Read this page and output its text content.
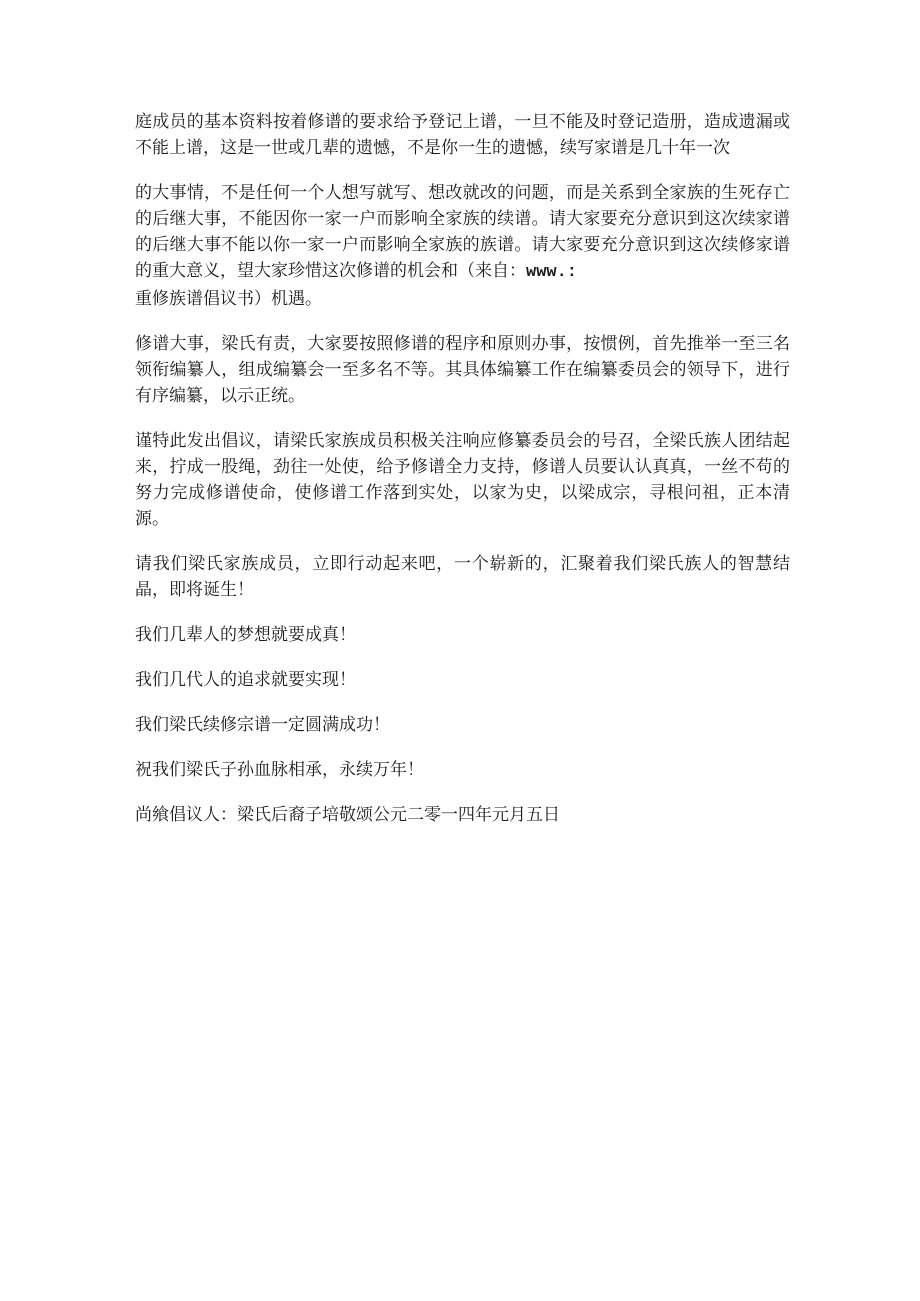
庭成员的基本资料按着修谱的要求给予登记上谱，一旦不能及时登记造册，造成遗漏或不能上谱，这是一世或几辈的遗憾，不是你一生的遗憾，续写家谱是几十年一次

的大事情，不是任何一个人想写就写、想改就改的问题，而是关系到全家族的生死存亡的后继大事，不能因你一家一户而影响全家族的续谱。请大家要充分意识到这次续家谱的后继大事不能以你一家一户而影响全家族的族谱。请大家要充分意识到这次续修家谱的重大意义，望大家珍惜这次修谱的机会和（来自：www.:
重修族谱倡议书）机遇。

修谱大事，梁氏有责，大家要按照修谱的程序和原则办事，按惯例，首先推举一至三名领衔编纂人，组成编纂会一至多名不等。其具体编纂工作在编纂委员会的领导下，进行有序编纂，以示正统。

谨特此发出倡议，请梁氏家族成员积极关注响应修纂委员会的号召，全梁氏族人团结起来，拧成一股绳，劲往一处使，给予修谱全力支持，修谱人员要认认真真，一丝不苟的努力完成修谱使命，使修谱工作落到实处，以家为史，以梁成宗，寻根问祖，正本清源。

请我们梁氏家族成员，立即行动起来吧，一个崭新的，汇聚着我们梁氏族人的智慧结晶，即将诞生！

我们几辈人的梦想就要成真！

我们几代人的追求就要实现！

我们梁氏续修宗谱一定圆满成功！

祝我们梁氏子孙血脉相承，永续万年！

尚飨倡议人：梁氏后裔子培敬颂公元二零一四年元月五日
